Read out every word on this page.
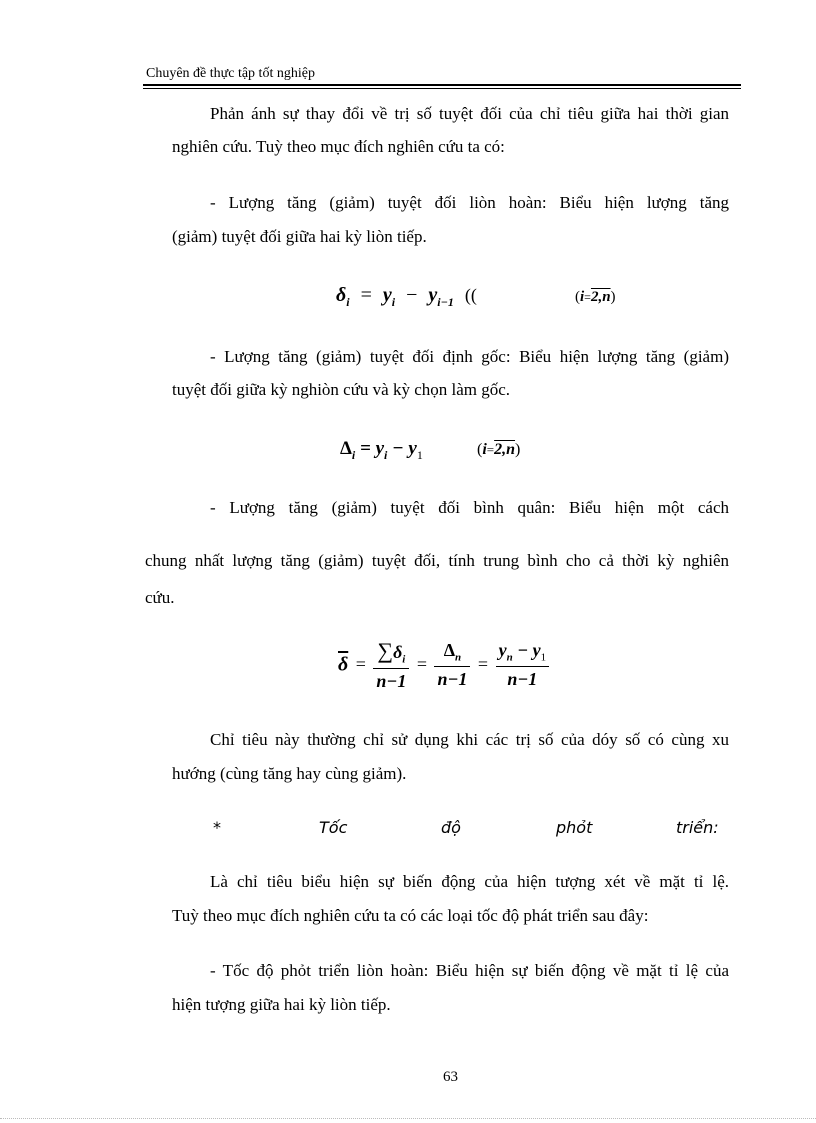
Chuyên đề thực tập tốt nghiệp
Phản ánh sự thay đổi về trị số tuyệt đối của chỉ tiêu giữa hai thời gian
nghiên cứu. Tuỳ theo mục đích nghiên cứu ta có:
- Lượng tăng (giảm) tuyệt đối liòn hoàn: Biểu hiện lượng tăng
(giảm) tuyệt đối giữa hai kỳ liòn tiếp.
$\delta_i = y_i - y_{i-1}$ ((	(i=2,n)
- Lượng tăng (giảm) tuyệt đối định gốc: Biểu hiện lượng tăng (giảm)
tuyệt đối giữa kỳ nghiòn cứu và kỳ chọn làm gốc.
$\Delta_i = y_i - y_1$	(i=2,n)
- Lượng tăng (giảm) tuyệt đối bình quân: Biểu hiện một cách
chung nhất lượng tăng (giảm) tuyệt đối, tính trung bình cho cả thời kỳ nghiên
cứu.
$\overline{\delta} = \frac{\sum\delta_i}{n-1} = \frac{\Delta_n}{n-1} = \frac{y_n - y_1}{n-1}$
Chỉ tiêu này thường chỉ sử dụng khi các trị số của dóy số có cùng xu
hướng (cùng tăng hay cùng giảm).
*	Tốc	độ	phỏt	triển:
Là chỉ tiêu biểu hiện sự biến động của hiện tượng xét về mặt tỉ lệ.
Tuỳ theo mục đích nghiên cứu ta có các loại tốc độ phát triển sau đây:
- Tốc độ phỏt triển liòn hoàn: Biểu hiện sự biến động về mặt tỉ lệ của
hiện tượng giữa hai kỳ liòn tiếp.
63
